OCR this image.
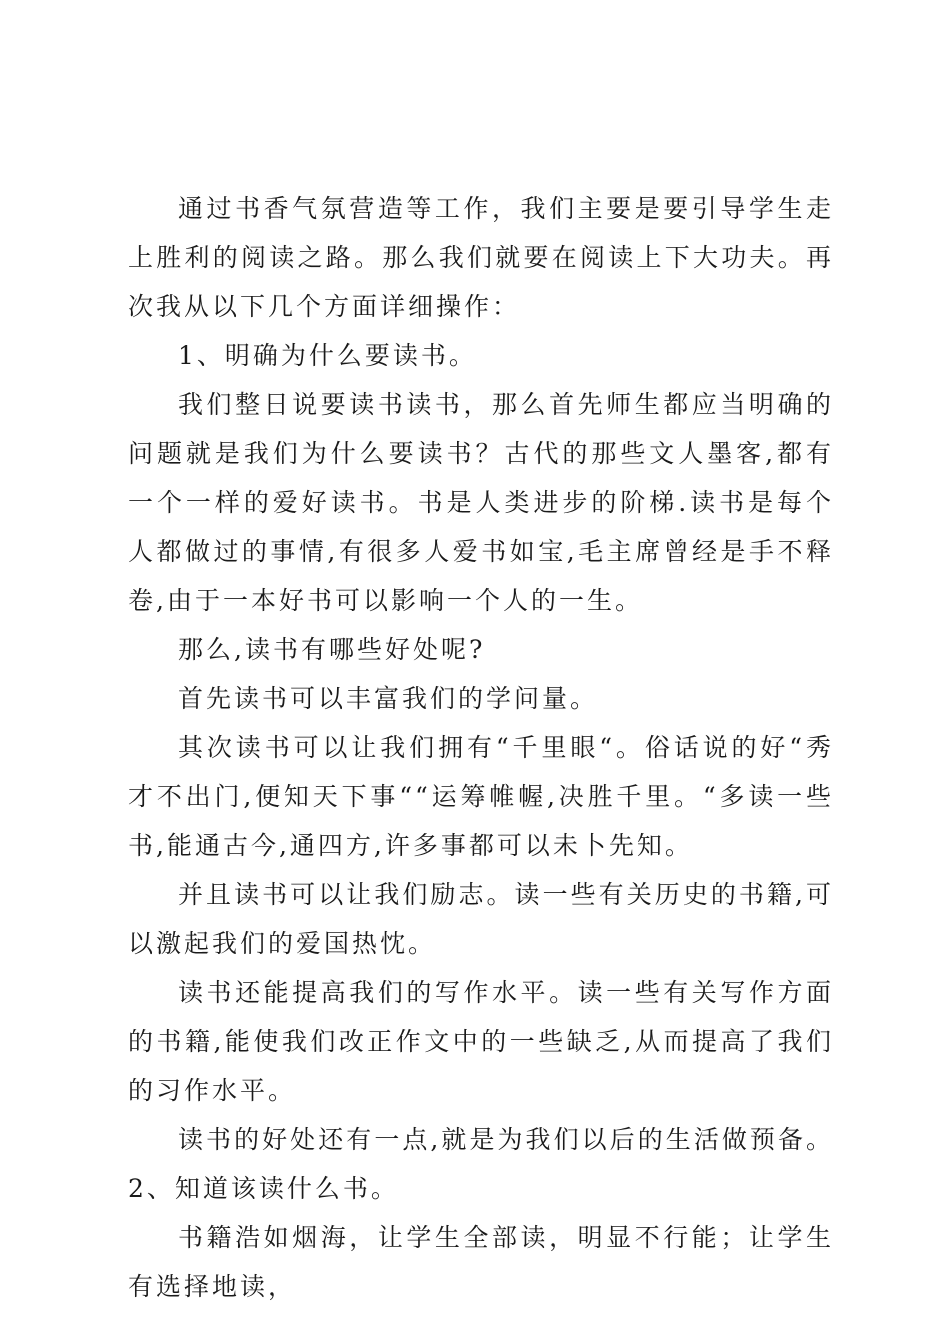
通过书香气氛营造等工作，我们主要是要引导学生走上胜利的阅读之路。那么我们就要在阅读上下大功夫。再次我从以下几个方面详细操作：

1、明确为什么要读书。

我们整日说要读书读书，那么首先师生都应当明确的问题就是我们为什么要读书？古代的那些文人墨客,都有一个一样的爱好读书。书是人类进步的阶梯.读书是每个人都做过的事情,有很多人爱书如宝,毛主席曾经是手不释卷,由于一本好书可以影响一个人的一生。

那么,读书有哪些好处呢?

首先读书可以丰富我们的学问量。

其次读书可以让我们拥有“千里眼“。俗话说的好“秀才不出门,便知天下事““运筹帷幄,决胜千里。“多读一些书,能通古今,通四方,许多事都可以未卜先知。

并且读书可以让我们励志。读一些有关历史的书籍,可以激起我们的爱国热忱。

读书还能提高我们的写作水平。读一些有关写作方面的书籍,能使我们改正作文中的一些缺乏,从而提高了我们的习作水平。

读书的好处还有一点,就是为我们以后的生活做预备。2、知道该读什么书。

书籍浩如烟海，让学生全部读，明显不行能；让学生有选择地读，
